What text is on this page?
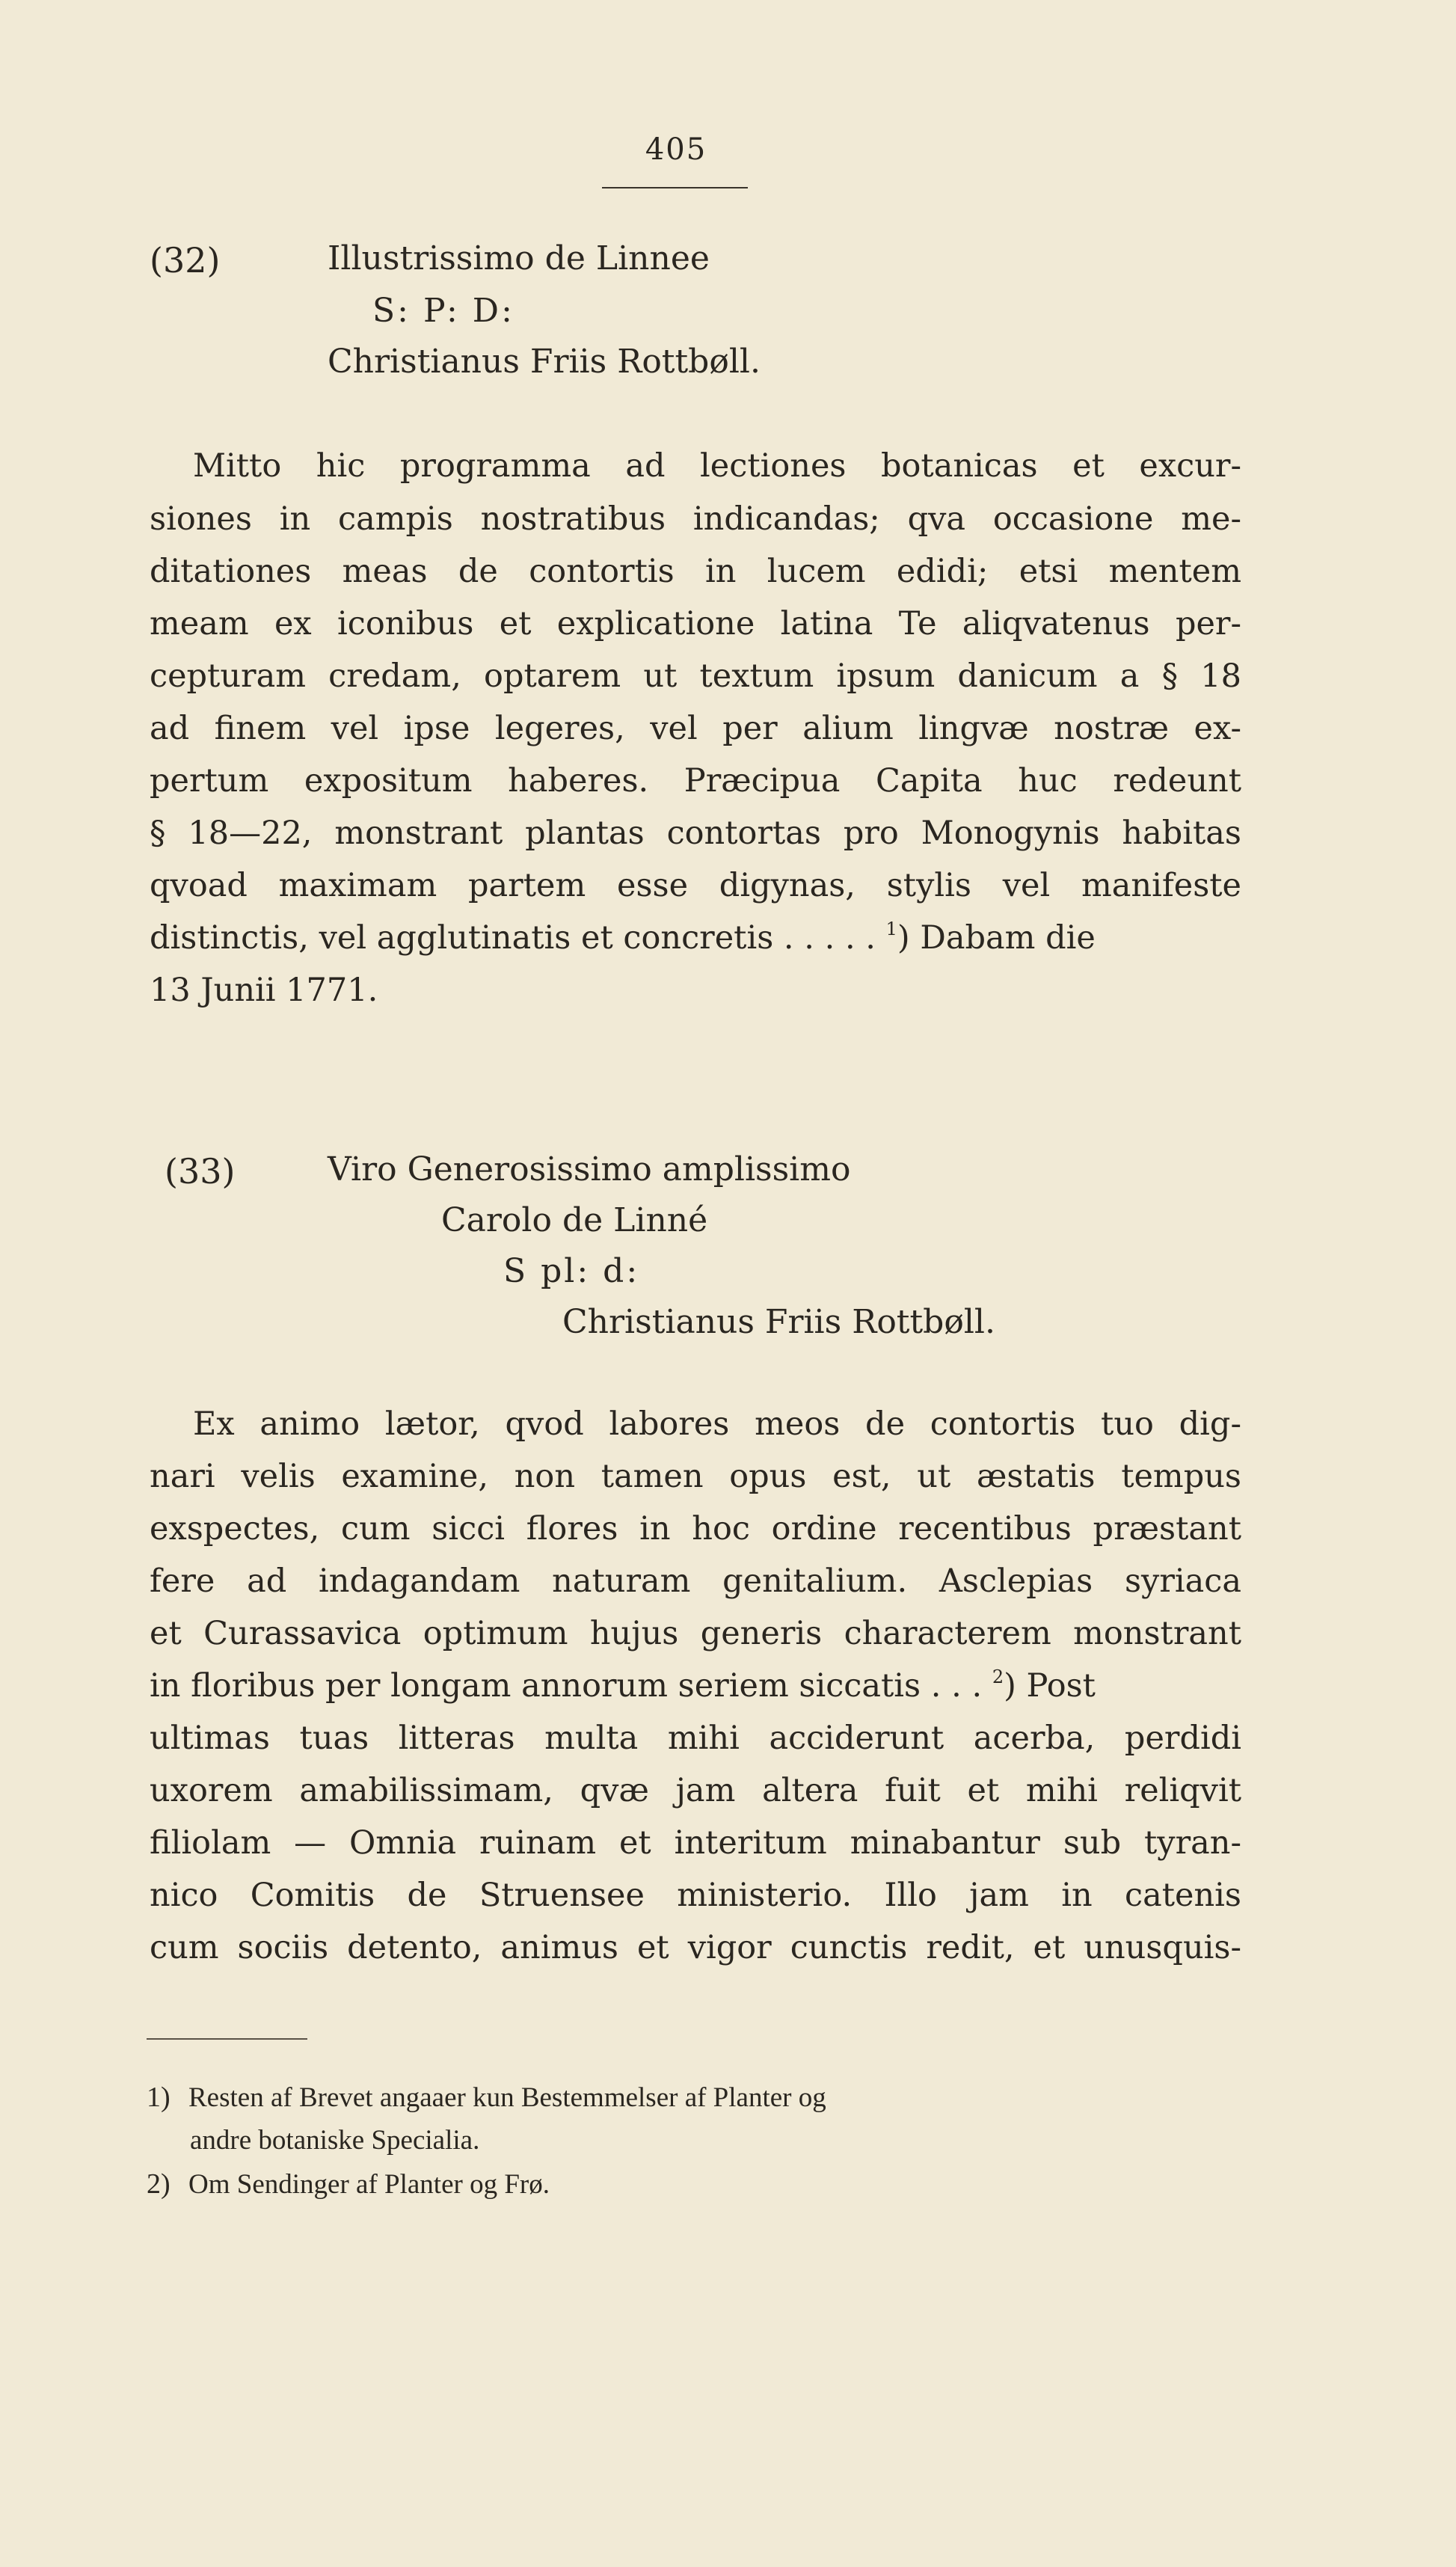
405
(32)	Illustrissimo de Linnee
S: P: D:
Christianus Friis Rottbøll.
Mitto hic programma ad lectiones botanicas et excur-
siones in campis nostratibus indicandas; qva occasione me-
ditationes meas de contortis in lucem edidi; etsi mentem
meam ex iconibus et explicatione latina Te aliqvatenus per-
cepturam credam, optarem ut textum ipsum danicum a § 18
ad finem vel ipse legeres, vel per alium lingvæ nostræ ex-
pertum expositum haberes. Præcipua Capita huc redeunt
§ 18—22, monstrant plantas contortas pro Monogynis habitas
qvoad maximam partem esse digynas, stylis vel manifeste
distinctis, vel agglutinatis et concretis . . . . . $^1$) Dabam die
13 Junii 1771.
(33)	Viro Generosissimo amplissimo
Carolo de Linné
S pl: d:
Christianus Friis Rottbøll.
Ex animo lætor, qvod labores meos de contortis tuo dig-
nari velis examine, non tamen opus est, ut æstatis tempus
exspectes, cum sicci flores in hoc ordine recentibus præstant
fere ad indagandam naturam genitalium. Asclepias syriaca
et Curassavica optimum hujus generis characterem monstrant
in floribus per longam annorum seriem siccatis . . . $^2$) Post
ultimas tuas litteras multa mihi acciderunt acerba, perdidi
uxorem amabilissimam, qvæ jam altera fuit et mihi reliqvit
filiolam — Omnia ruinam et interitum minabantur sub tyran-
nico Comitis de Struensee ministerio. Illo jam in catenis
cum sociis detento, animus et vigor cunctis redit, et unusquis-
1) Resten af Brevet angaaer kun Bestemmelser af Planter og
andre botaniske Specialia.
2) Om Sendinger af Planter og Frø.
